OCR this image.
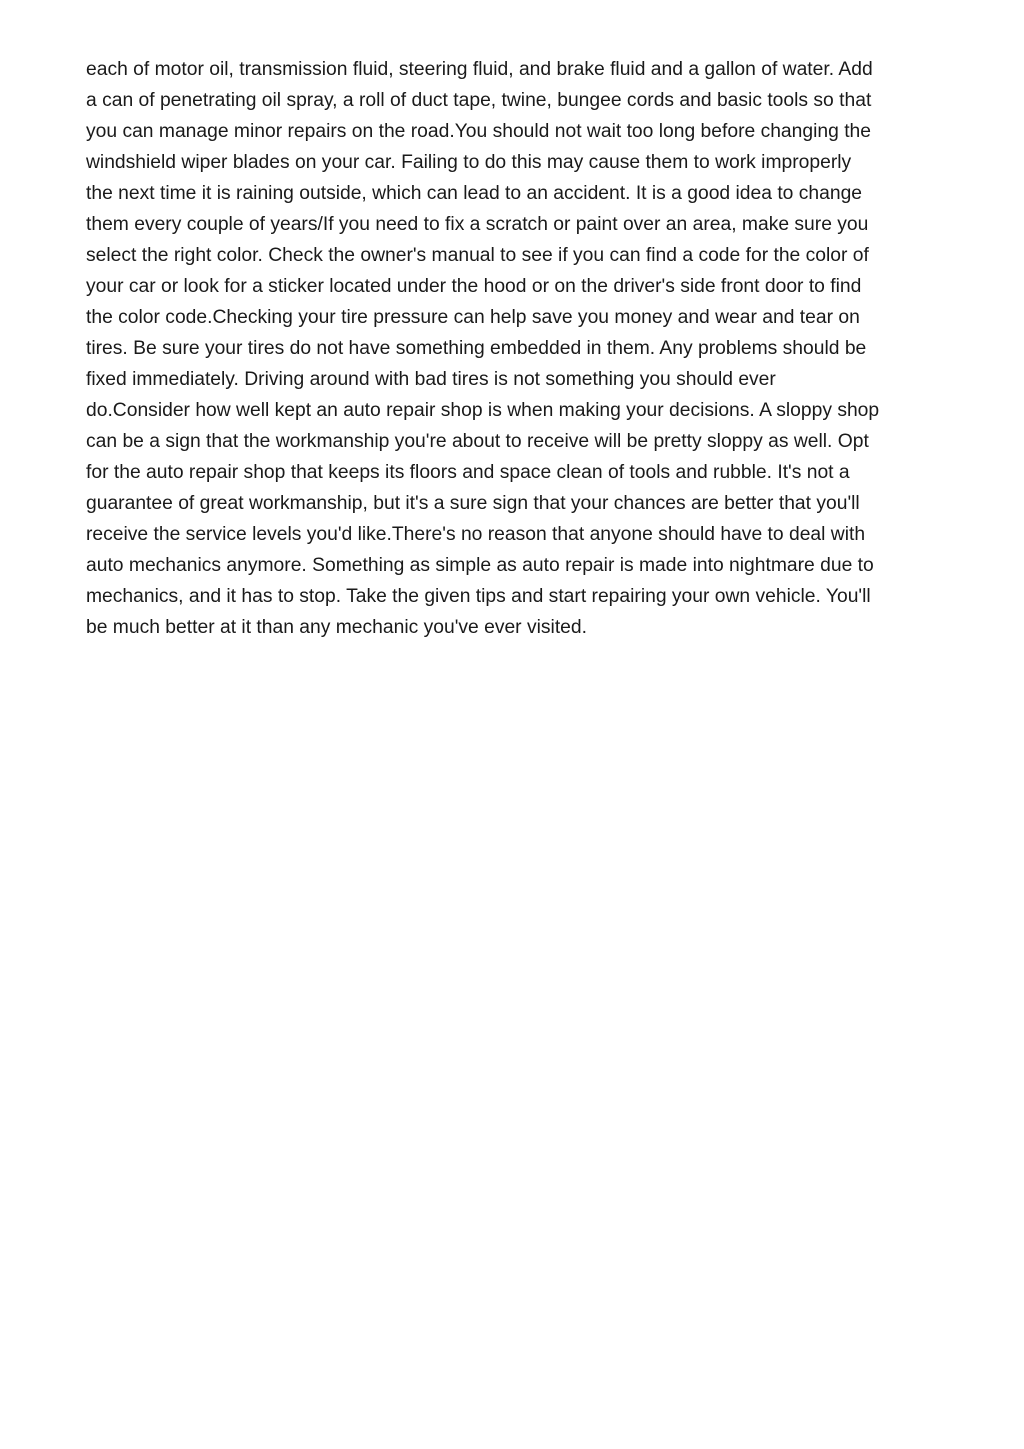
each of motor oil, transmission fluid, steering fluid, and brake fluid and a gallon of water. Add
a can of penetrating oil spray, a roll of duct tape, twine, bungee cords and basic tools so that
you can manage minor repairs on the road.You should not wait too long before changing the
windshield wiper blades on your car. Failing to do this may cause them to work improperly
the next time it is raining outside, which can lead to an accident. It is a good idea to change
them every couple of years/If you need to fix a scratch or paint over an area, make sure you
select the right color. Check the owner's manual to see if you can find a code for the color of
your car or look for a sticker located under the hood or on the driver's side front door to find
the color code.Checking your tire pressure can help save you money and wear and tear on
tires. Be sure your tires do not have something embedded in them. Any problems should be
fixed immediately. Driving around with bad tires is not something you should ever
do.Consider how well kept an auto repair shop is when making your decisions. A sloppy shop
can be a sign that the workmanship you're about to receive will be pretty sloppy as well. Opt
for the auto repair shop that keeps its floors and space clean of tools and rubble. It's not a
guarantee of great workmanship, but it's a sure sign that your chances are better that you'll
receive the service levels you'd like.There's no reason that anyone should have to deal with
auto mechanics anymore. Something as simple as auto repair is made into nightmare due to
mechanics, and it has to stop. Take the given tips and start repairing your own vehicle. You'll
be much better at it than any mechanic you've ever visited.
